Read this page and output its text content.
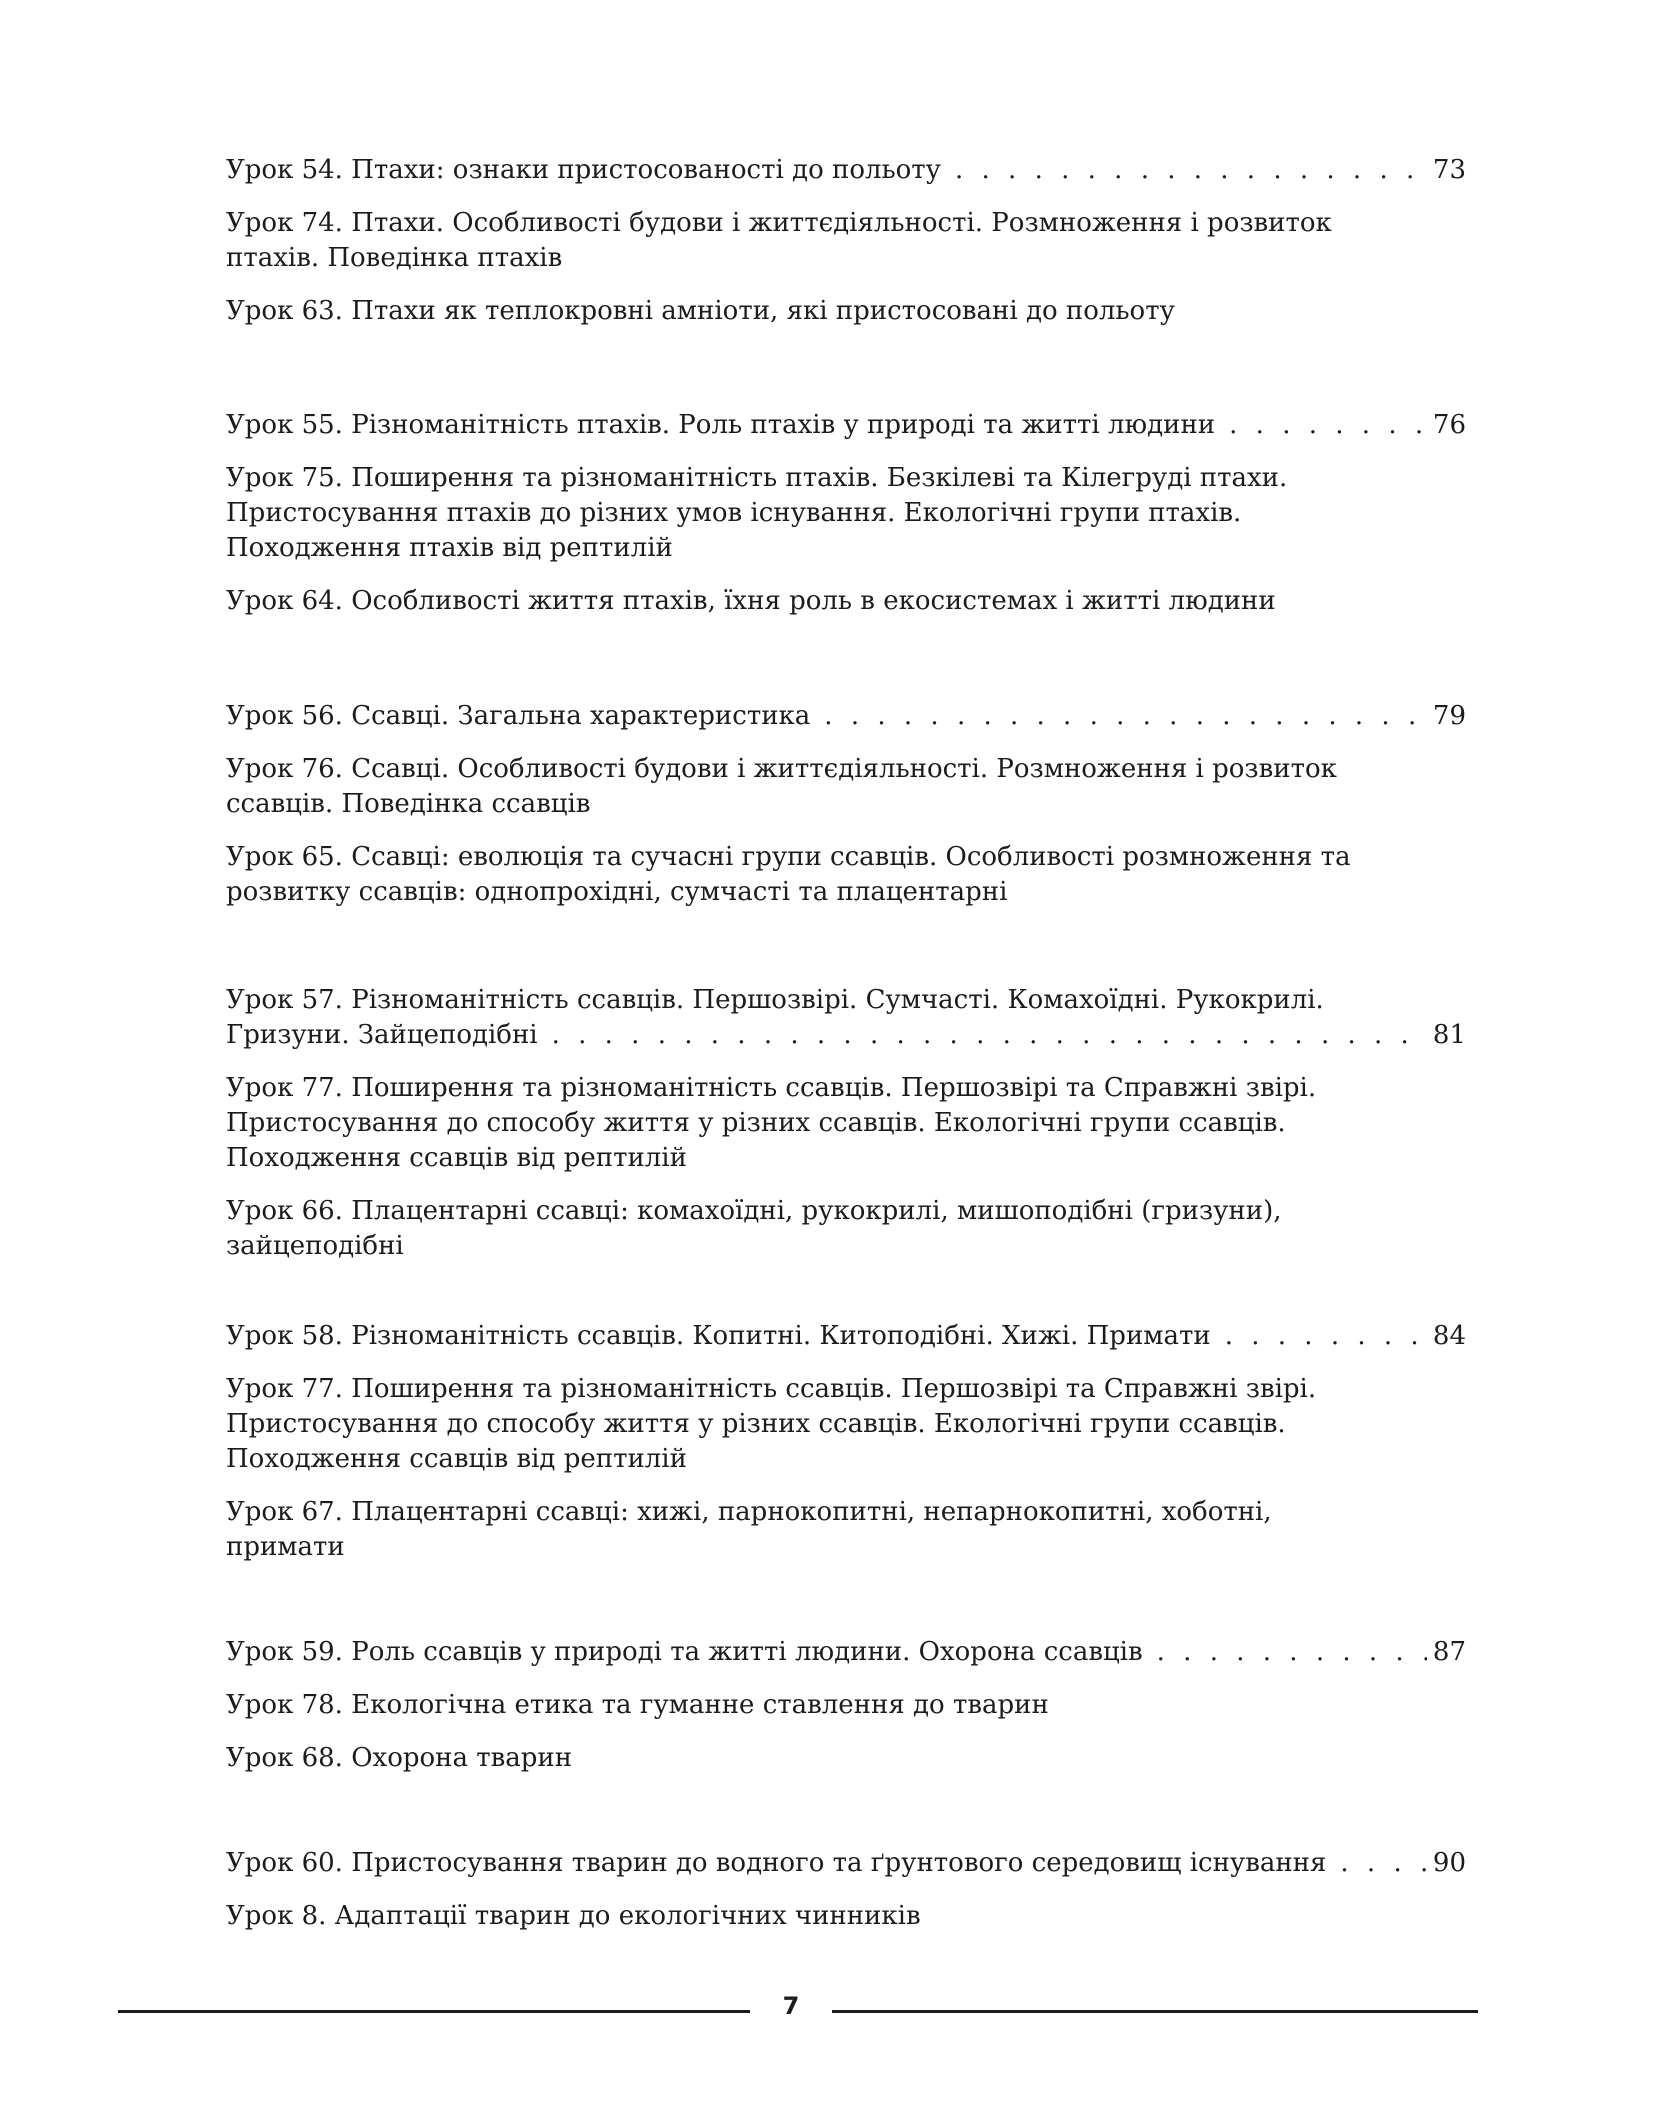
Урок 54. Птахи: ознаки пристосованості до польоту . . .	73
Урок 74. Птахи. Особливості будови і життєдіяльності. Розмноження і розвиток
птахів. Поведінка птахів
Урок 63. Птахи як теплокровні амніоти, які пристосовані до польоту
Урок 55. Різноманітність птахів. Роль птахів у природі та житті людини . . .	76
Урок 75. Поширення та різноманітність птахів. Безкілеві та Кілегруді птахи.
Пристосування птахів до різних умов існування. Екологічні групи птахів.
Походження птахів від рептилій
Урок 64. Особливості життя птахів, їхня роль в екосистемах і житті людини
Урок 56. Ссавці. Загальна характеристика . . .	79
Урок 76. Ссавці. Особливості будови і життєдіяльності. Розмноження і розвиток
ссавців. Поведінка ссавців
Урок 65. Ссавці: еволюція та сучасні групи ссавців. Особливості розмноження та
розвитку ссавців: однопрохідні, сумчасті та плацентарні
Урок 57. Різноманітність ссавців. Першозвірі. Сумчасті. Комахоїдні. Рукокрилі.
Гризуни. Зайцеподібні . . .	81
Урок 77. Поширення та різноманітність ссавців. Першозвірі та Справжні звірі.
Пристосування до способу життя у різних ссавців. Екологічні групи ссавців.
Походження ссавців від рептилій
Урок 66. Плацентарні ссавці: комахоїдні, рукокрилі, мишоподібні (гризуни),
зайцеподібні
Урок 58. Різноманітність ссавців. Копитні. Китоподібні. Хижі. Примати . . .	84
Урок 77. Поширення та різноманітність ссавців. Першозвірі та Справжні звірі.
Пристосування до способу життя у різних ссавців. Екологічні групи ссавців.
Походження ссавців від рептилій
Урок 67. Плацентарні ссавці: хижі, парнокопитні, непарнокопитні, хоботні,
примати
Урок 59. Роль ссавців у природі та житті людини. Охорона ссавців . . .	87
Урок 78. Екологічна етика та гуманне ставлення до тварин
Урок 68. Охорона тварин
Урок 60. Пристосування тварин до водного та ґрунтового середовищ існування . . .	90
Урок 8. Адаптації тварин до екологічних чинників
7
